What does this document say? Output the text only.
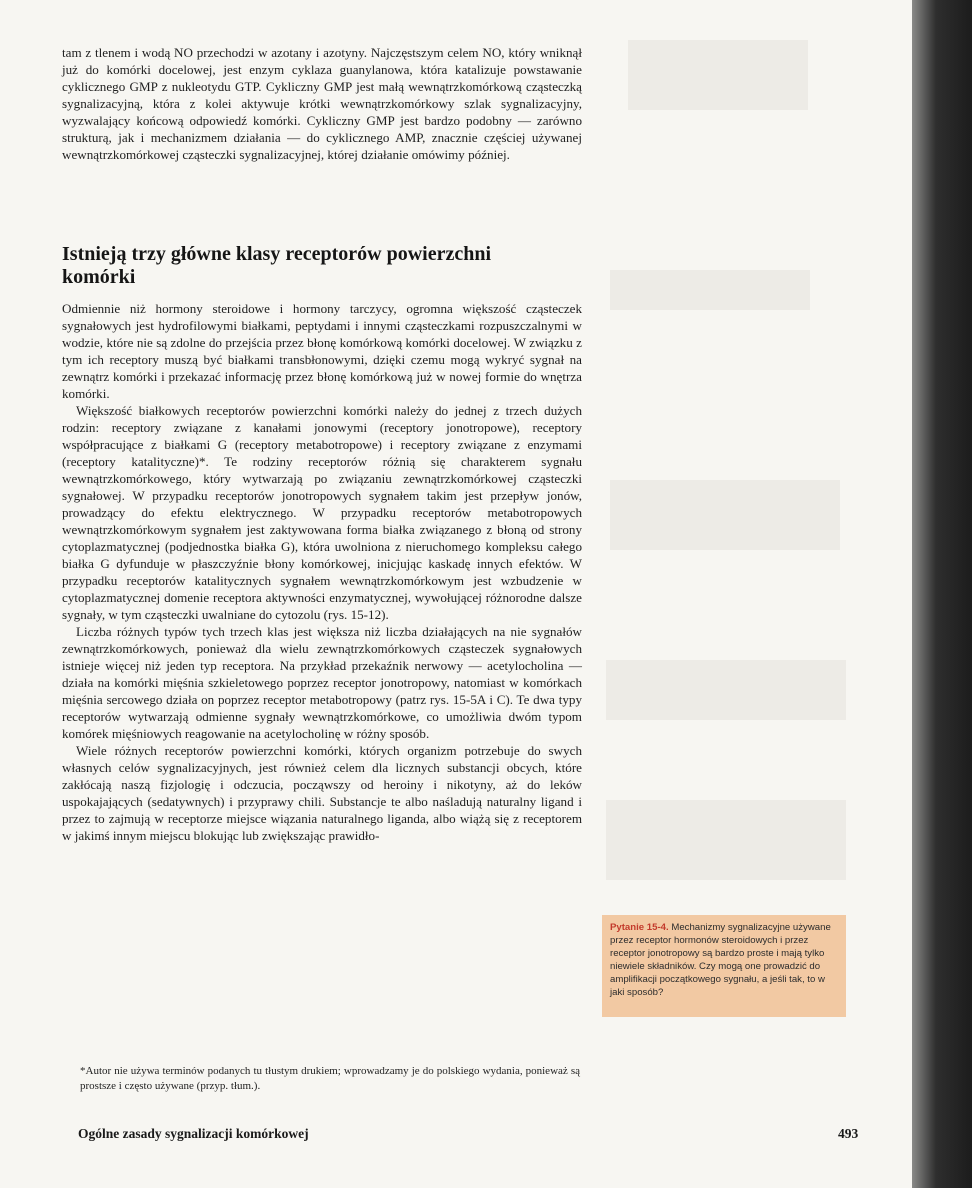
tam z tlenem i wodą NO przechodzi w azotany i azotyny. Najczęstszym celem NO, który wniknął już do komórki docelowej, jest enzym cyklaza guanylanowa, która katalizuje powstawanie cyklicznego GMP z nukleotydu GTP. Cykliczny GMP jest małą wewnątrzkomórkową cząsteczką sygnalizacyjną, która z kolei aktywuje krótki wewnątrzkomórkowy szlak sygnalizacyjny, wyzwalający końcową odpowiedź komórki. Cykliczny GMP jest bardzo podobny — zarówno strukturą, jak i mechanizmem działania — do cyklicznego AMP, znacznie częściej używanej wewnątrzkomórkowej cząsteczki sygnalizacyjnej, której działanie omówimy później.

Istnieją trzy główne klasy receptorów powierzchni komórki

Odmiennie niż hormony steroidowe i hormony tarczycy, ogromna większość cząsteczek sygnałowych jest hydrofilowymi białkami, peptydami i innymi cząsteczkami rozpuszczalnymi w wodzie, które nie są zdolne do przejścia przez błonę komórkową komórki docelowej. W związku z tym ich receptory muszą być białkami transbłonowymi, dzięki czemu mogą wykryć sygnał na zewnątrz komórki i przekazać informację przez błonę komórkową już w nowej formie do wnętrza komórki.

Większość białkowych receptorów powierzchni komórki należy do jednej z trzech dużych rodzin: receptory związane z kanałami jonowymi (receptory jonotropowe), receptory współpracujące z białkami G (receptory metabotropowe) i receptory związane z enzymami (receptory katalityczne)*. Te rodziny receptorów różnią się charakterem sygnału wewnątrzkomórkowego, który wytwarzają po związaniu zewnątrzkomórkowej cząsteczki sygnałowej. W przypadku receptorów jonotropowych sygnałem takim jest przepływ jonów, prowadzący do efektu elektrycznego. W przypadku receptorów metabotropowych wewnątrzkomórkowym sygnałem jest zaktywowana forma białka związanego z błoną od strony cytoplazmatycznej (podjednostka białka G), która uwolniona z nieruchomego kompleksu całego białka G dyfunduje w płaszczyźnie błony komórkowej, inicjując kaskadę innych efektów. W przypadku receptorów katalitycznych sygnałem wewnątrzkomórkowym jest wzbudzenie w cytoplazmatycznej domenie receptora aktywności enzymatycznej, wywołującej różnorodne dalsze sygnały, w tym cząsteczki uwalniane do cytozolu (rys. 15-12).

Liczba różnych typów tych trzech klas jest większa niż liczba działających na nie sygnałów zewnątrzkomórkowych, ponieważ dla wielu zewnątrzkomórkowych cząsteczek sygnałowych istnieje więcej niż jeden typ receptora. Na przykład przekaźnik nerwowy — acetylocholina — działa na komórki mięśnia szkieletowego poprzez receptor jonotropowy, natomiast w komórkach mięśnia sercowego działa on poprzez receptor metabotropowy (patrz rys. 15-5A i C). Te dwa typy receptorów wytwarzają odmienne sygnały wewnątrzkomórkowe, co umożliwia dwóm typom komórek mięśniowych reagowanie na acetylocholinę w różny sposób.

Wiele różnych receptorów powierzchni komórki, których organizm potrzebuje do swych własnych celów sygnalizacyjnych, jest również celem dla licznych substancji obcych, które zakłócają naszą fizjologię i odczucia, począwszy od heroiny i nikotyny, aż do leków uspokajających (sedatywnych) i przyprawy chili. Substancje te albo naśladują naturalny ligand i przez to zajmują w receptorze miejsce wiązania naturalnego liganda, albo wiążą się z receptorem w jakimś innym miejscu blokując lub zwiększając prawidło-

Pytanie 15-4. Mechanizmy sygnalizacyjne używane przez receptor hormonów steroidowych i przez receptor jonotropowy są bardzo proste i mają tylko niewiele składników. Czy mogą one prowadzić do amplifikacji początkowego sygnału, a jeśli tak, to w jaki sposób?
*Autor nie używa terminów podanych tu tłustym drukiem; wprowadzamy je do polskiego wydania, ponieważ są prostsze i często używane (przyp. tłum.).
Ogólne zasady sygnalizacji komórkowej	493
